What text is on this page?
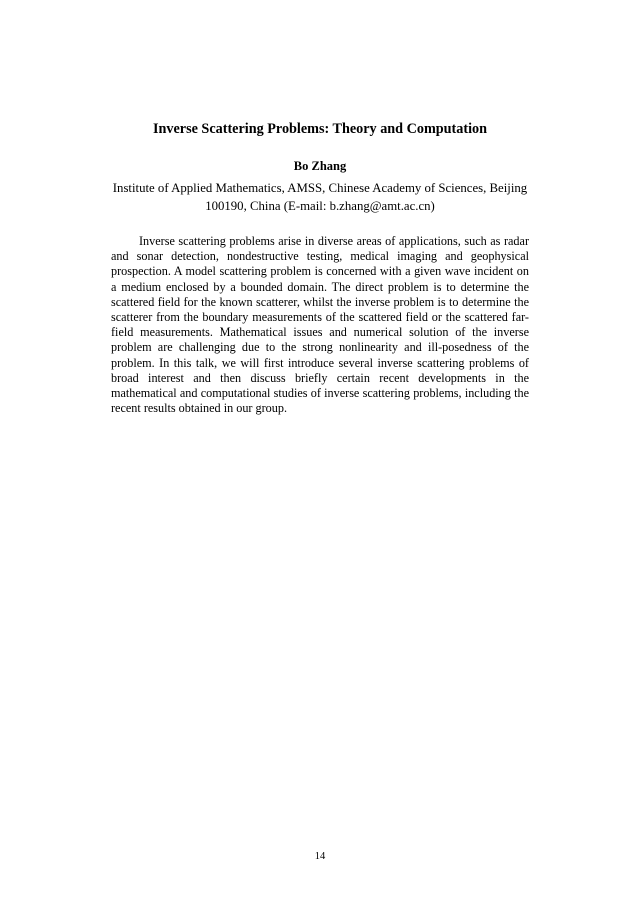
Inverse Scattering Problems: Theory and Computation
Bo Zhang
Institute of Applied Mathematics, AMSS, Chinese Academy of Sciences, Beijing 100190, China (E-mail: b.zhang@amt.ac.cn)

Inverse scattering problems arise in diverse areas of applications, such as radar and sonar detection, nondestructive testing, medical imaging and geophysical prospection. A model scattering problem is concerned with a given wave incident on a medium enclosed by a bounded domain. The direct problem is to determine the scattered field for the known scatterer, whilst the inverse problem is to determine the scatterer from the boundary measurements of the scattered field or the scattered far-field measurements. Mathematical issues and numerical solution of the inverse problem are challenging due to the strong nonlinearity and ill-posedness of the problem. In this talk, we will first introduce several inverse scattering problems of broad interest and then discuss briefly certain recent developments in the mathematical and computational studies of inverse scattering problems, including the recent results obtained in our group.

14
